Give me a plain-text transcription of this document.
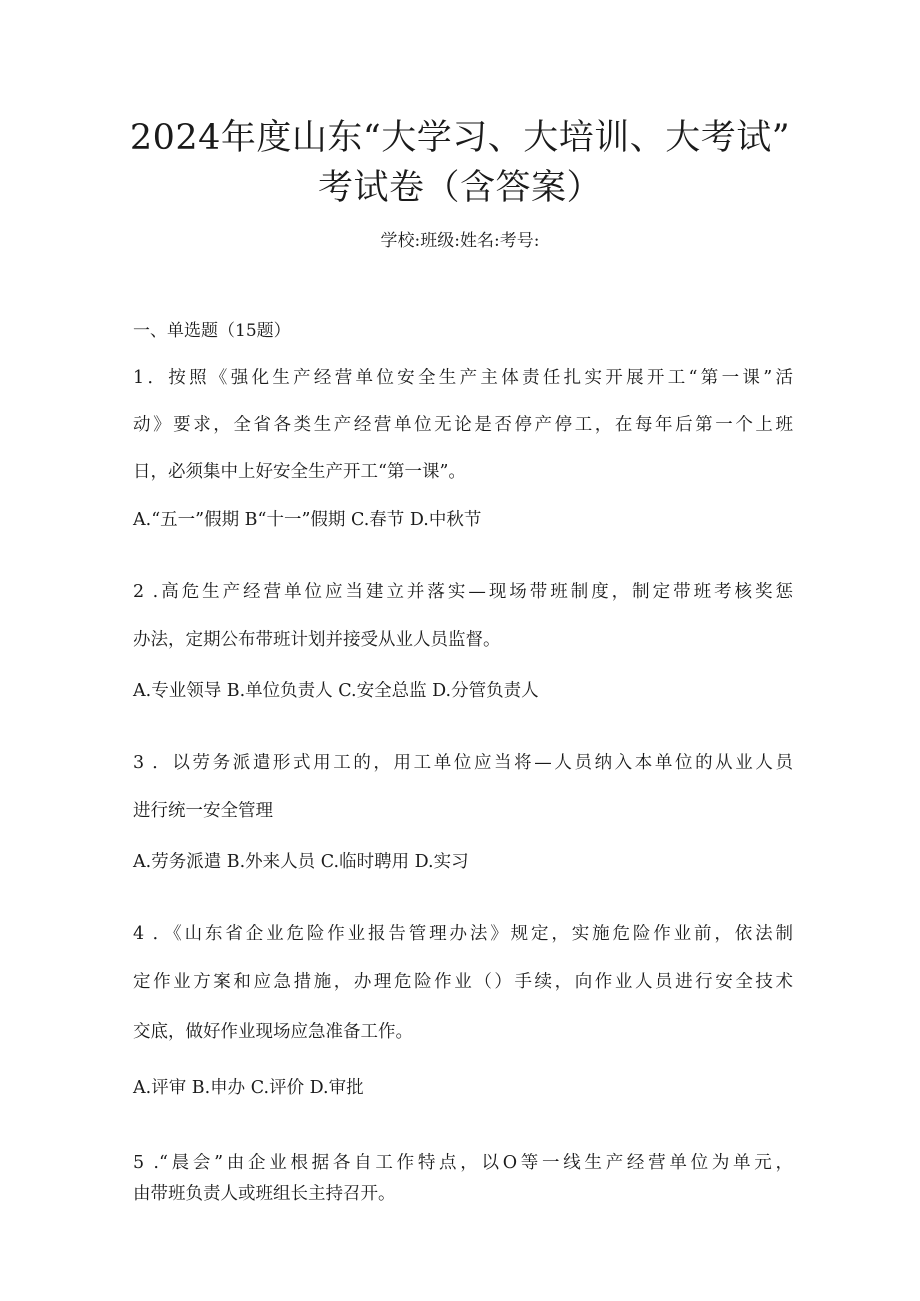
2024年度山东“大学习、大培训、大考试”
考试卷（含答案）
学校:班级:姓名:考号:
一、单选题（15题）
1．按照《强化生产经营单位安全生产主体责任扎实开展开工“第一课”活
动》要求，全省各类生产经营单位无论是否停产停工，在每年后第一个上班
日，必须集中上好安全生产开工“第一课”。
A.“五一”假期 B“十一”假期 C.春节 D.中秋节
2 .高危生产经营单位应当建立并落实—现场带班制度，制定带班考核奖惩
办法，定期公布带班计划并接受从业人员监督。
A.专业领导 B.单位负责人 C.安全总监 D.分管负责人
3 ．以劳务派遣形式用工的，用工单位应当将—人员纳入本单位的从业人员
进行统一安全管理
A.劳务派遣 B.外来人员 C.临时聘用 D.实习
4 ．《山东省企业危险作业报告管理办法》规定，实施危险作业前，依法制
定作业方案和应急措施，办理危险作业（）手续，向作业人员进行安全技术
交底，做好作业现场应急准备工作。
A.评审 B.申办 C.评价 D.审批
5 .“晨会”由企业根据各自工作特点，以O等一线生产经营单位为单元，
由带班负责人或班组长主持召开。
